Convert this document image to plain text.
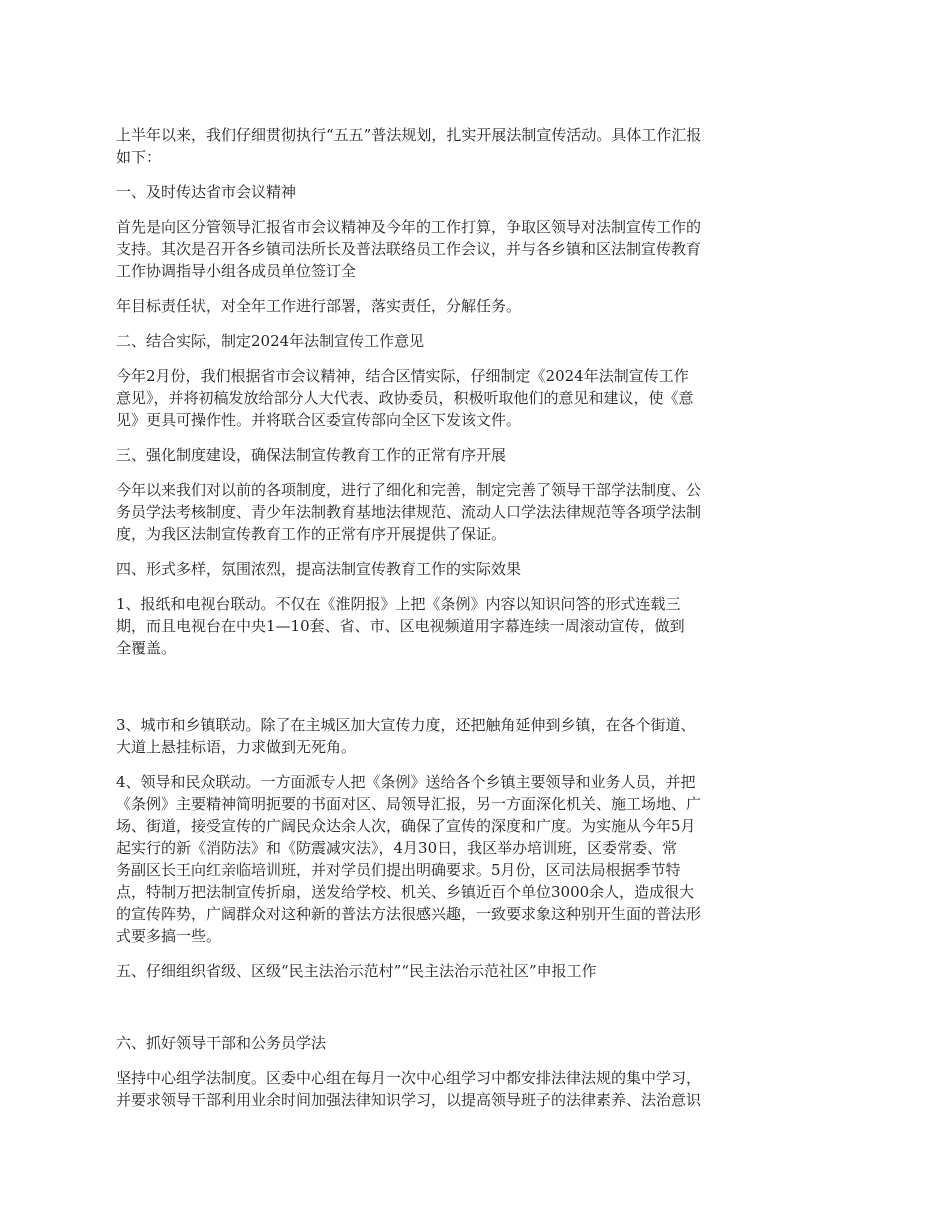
上半年以来，我们仔细贯彻执行“五五”普法规划，扎实开展法制宣传活动。具体工作汇报
如下：

一、及时传达省市会议精神

首先是向区分管领导汇报省市会议精神及今年的工作打算，争取区领导对法制宣传工作的
支持。其次是召开各乡镇司法所长及普法联络员工作会议，并与各乡镇和区法制宣传教育
工作协调指导小组各成员单位签订全

年目标责任状，对全年工作进行部署，落实责任，分解任务。

二、结合实际，制定2024年法制宣传工作意见

今年2月份，我们根据省市会议精神，结合区情实际，仔细制定《2024年法制宣传工作
意见》，并将初稿发放给部分人大代表、政协委员，积极听取他们的意见和建议，使《意
见》更具可操作性。并将联合区委宣传部向全区下发该文件。

三、强化制度建设，确保法制宣传教育工作的正常有序开展

今年以来我们对以前的各项制度，进行了细化和完善，制定完善了领导干部学法制度、公
务员学法考核制度、青少年法制教育基地法律规范、流动人口学法法律规范等各项学法制
度，为我区法制宣传教育工作的正常有序开展提供了保证。

四、形式多样，氛围浓烈，提高法制宣传教育工作的实际效果

1、报纸和电视台联动。不仅在《淮阴报》上把《条例》内容以知识问答的形式连载三
期，而且电视台在中央1—10套、省、市、区电视频道用字幕连续一周滚动宣传，做到
全覆盖。

3、城市和乡镇联动。除了在主城区加大宣传力度，还把触角延伸到乡镇，在各个街道、
大道上悬挂标语，力求做到无死角。

4、领导和民众联动。一方面派专人把《条例》送给各个乡镇主要领导和业务人员，并把
《条例》主要精神简明扼要的书面对区、局领导汇报，另一方面深化机关、施工场地、广
场、街道，接受宣传的广阔民众达余人次，确保了宣传的深度和广度。为实施从今年5月
起实行的新《消防法》和《防震减灾法》，4月30日，我区举办培训班，区委常委、常
务副区长王向红亲临培训班，并对学员们提出明确要求。5月份，区司法局根据季节特
点，特制万把法制宣传折扇，送发给学校、机关、乡镇近百个单位3000余人，造成很大
的宣传阵势，广阔群众对这种新的普法方法很感兴趣，一致要求象这种别开生面的普法形
式要多搞一些。

五、仔细组织省级、区级“民主法治示范村”“民主法治示范社区”申报工作

六、抓好领导干部和公务员学法

坚持中心组学法制度。区委中心组在每月一次中心组学习中都安排法律法规的集中学习，
并要求领导干部利用业余时间加强法律知识学习，以提高领导班子的法律素养、法治意识
